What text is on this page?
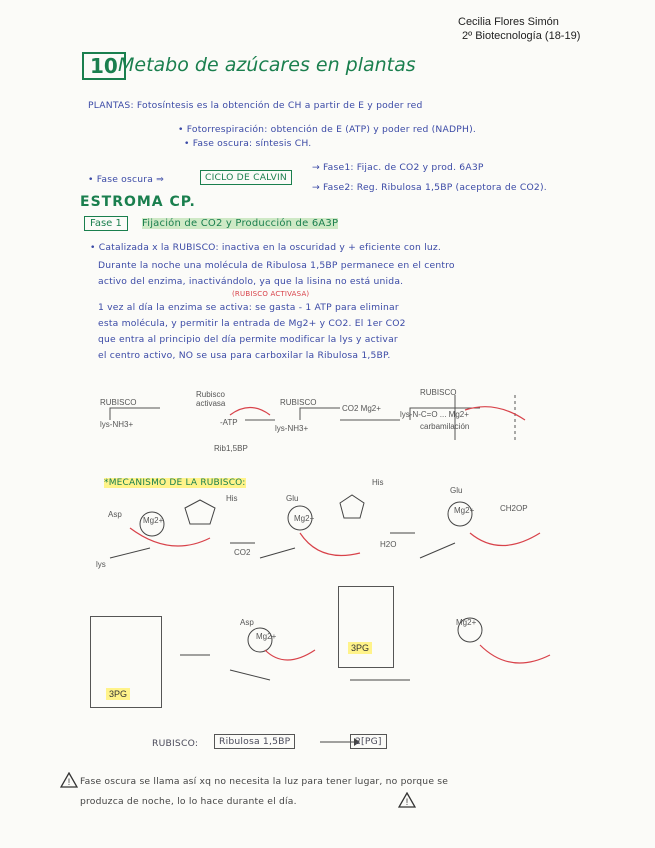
Cecilia Flores Simón
2º Biotecnología (18-19)
10 Metabo de azúcares en plantas
PLANTAS: Fotosíntesis es la obtención de CH a partir de E y poder red
• Fotorrespiración: obtención de E (ATP) y poder red (NADPH).
• Fase oscura: síntesis CH.
• Fase oscura ⇒	CICLO DE CALVIN
→ Fase1: Fijac. de CO2 y prod. 6A3P
→ Fase2: Reg. Ribulosa 1,5BP (aceptora de CO2).
ESTROMA CP.
Fase 1	Fijación de CO2 y Producción de 6A3P
• Catalizada x la RUBISCO: inactiva en la oscuridad y + eficiente con luz.
Durante la noche una molécula de Ribulosa 1,5BP permanece en el centro
activo del enzima, inactivándolo, ya que la lisina no está unida.
(RUBISCO ACTIVASA)
1 vez al día la enzima se activa: se gasta - 1 ATP para eliminar
esta molécula, y permitir la entrada de Mg2+ y CO2. El 1er CO2
que entra al principio del día permite modificar la lys y activar
el centro activo, NO se usa para carboxilar la Ribulosa 1,5BP.
RUBISCO
Rubisco activasa
lys-NH3+	-ATP
Rib1,5BP
RUBISCO
lys-NH3+
CO2 Mg2+
RUBISCO
lys-N-C=O ... Mg2+
carbamilación
*MECANISMO DE LA RUBISCO:
Asp
Mg2+
His	Glu
Mg2+
His
CO2
H2O
Glu
Mg2+	CH2OP
lys
3PG
3PG
Asp
Mg2+
Mg2+
RUBISCO:	Ribulosa 1,5BP	2[PG]
! Fase oscura se llama así xq no necesita la luz para tener lugar, no porque se
produzca de noche, lo lo hace durante el día.	!
